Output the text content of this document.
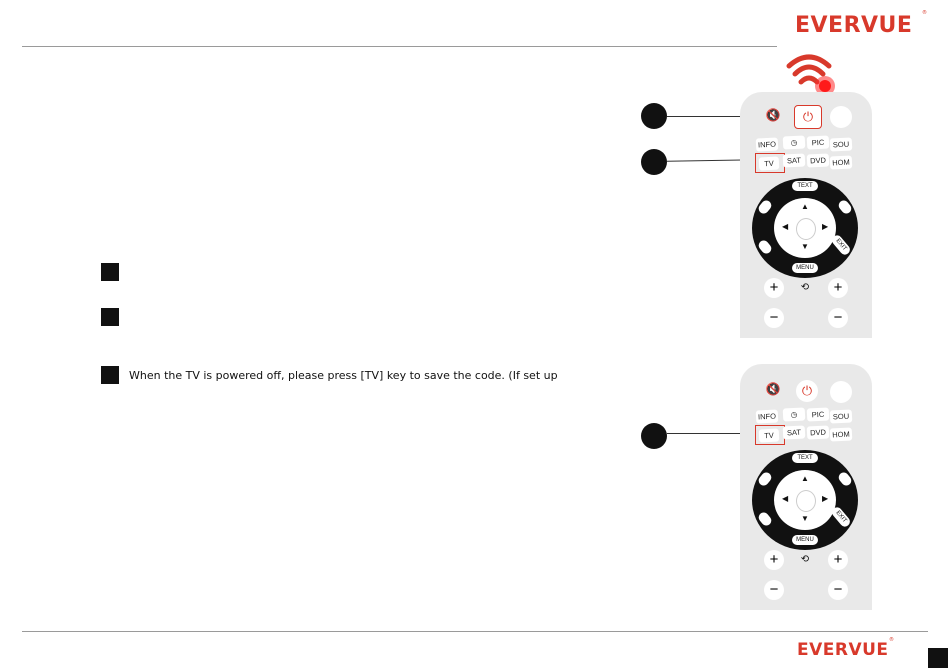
EVERVUE ®
When the TV is powered off, please press [TV] key to save the code. (If set up
🔇	⏻
INFO	◷	PIC	SOU
TV	SAT	DVD HOM
▲
▼
◀	▶
TEXT
MENU
EXIT
+	⟲	+
−	−
🔇	⏻
INFO	◷	PIC	SOU
TV	SAT	DVD HOM
▲
▼
◀	▶
TEXT
MENU
EXIT
+	⟲	+
−	−
EVERVUE ®
